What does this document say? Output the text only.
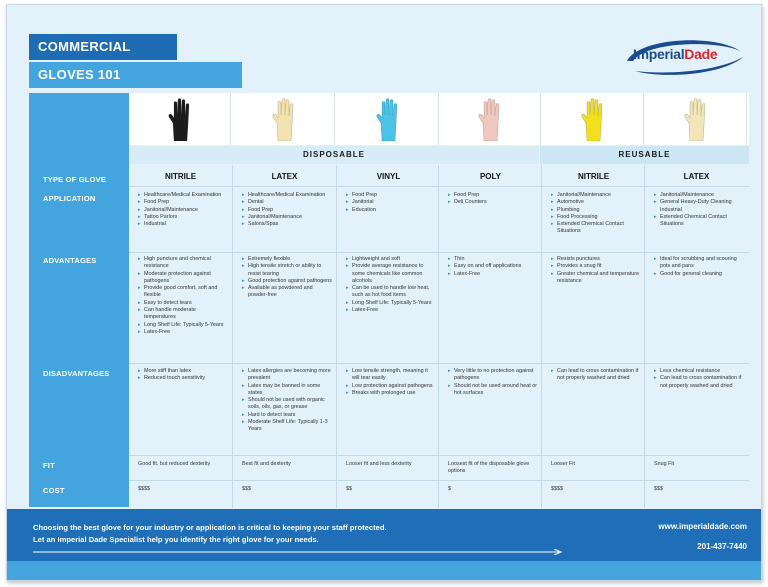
COMMERCIAL
GLOVES 101
ImperialDade
TYPE OF GLOVE
APPLICATION
ADVANTAGES
DISADVANTAGES
FIT
COST
DISPOSABLE	REUSABLE
NITRILE
▸ Healthcare/Medical Examination
▸ Food Prep
▸ Janitorial/Maintenance
▸ Tattoo Parlors
▸ Industrial
▸ High puncture and chemical resistance
▸ Moderate protection against pathogens
▸ Provide good comfort, soft and flexible
▸ Easy to detect tears
▸ Can handle moderate temperatures
▸ Long Shelf Life: Typically 5-Years
▸ Latex-Free
▸ More stiff than latex
▸ Reduced touch sensitivity
Good fit, but reduced dexterity
$$$$
LATEX
▸ Healthcare/Medical Examination
▸ Dental
▸ Food Prep
▸ Janitorial/Maintenance
▸ Salons/Spas
▸ Extremely flexible
▸ High tensile stretch or ability to resist tearing
▸ Good protection against pathogens
▸ Available as powdered and powder-free
▸ Latex allergies are becoming more prevalent
▸ Latex may be banned in some states
▸ Should not be used with organic soils, oils, gas, or grease
▸ Hard to detect tears
▸ Moderate Shelf Life: Typically 1-3 Years
Best fit and dexterity
$$$
VINYL
▸ Food Prep
▸ Janitorial
▸ Education
▸ Lightweight and soft
▸ Provide average resistance to some chemicals like common alcohols
▸ Can be used to handle low heat, such as hot food items
▸ Long Shelf Life: Typically 5-Years
▸ Latex-Free
▸ Low tensile strength, meaning it will tear easily
▸ Low protection against pathogens
▸ Breaks with prolonged use
Looser fit and less dexterity
$$
POLY
▸ Food Prep
▸ Deli Counters
▸ Thin
▸ Easy on and off applications
▸ Latex-Free
▸ Very little to no protection against pathogens
▸ Should not be used around heat or hot surfaces
Loosest fit of the disposable glove options
$
NITRILE
▸ Janitorial/Maintenance
▸ Automotive
▸ Plumbing
▸ Food Processing
▸ Extended Chemical Contact Situations
▸ Resists punctures
▸ Provides a snug fit
▸ Greater chemical and temperature resistance
▸ Can lead to cross contamination if not properly washed and dried
Looser Fit
$$$$
LATEX
▸ Janitorial/Maintenance
▸ General Heavy-Duty Cleaning Industrial
▸ Extended Chemical Contact Situations
▸ Ideal for scrubbing and scouring pots and pans
▸ Good for general cleaning
▸ Less chemical resistance
▸ Can lead to cross contamination if not properly washed and dried
Snug Fit
$$$
Choosing the best glove for your industry or application is critical to keeping your staff protected.
Let an Imperial Dade Specialist help you identify the right glove for your needs.
www.imperialdade.com
201-437-7440
